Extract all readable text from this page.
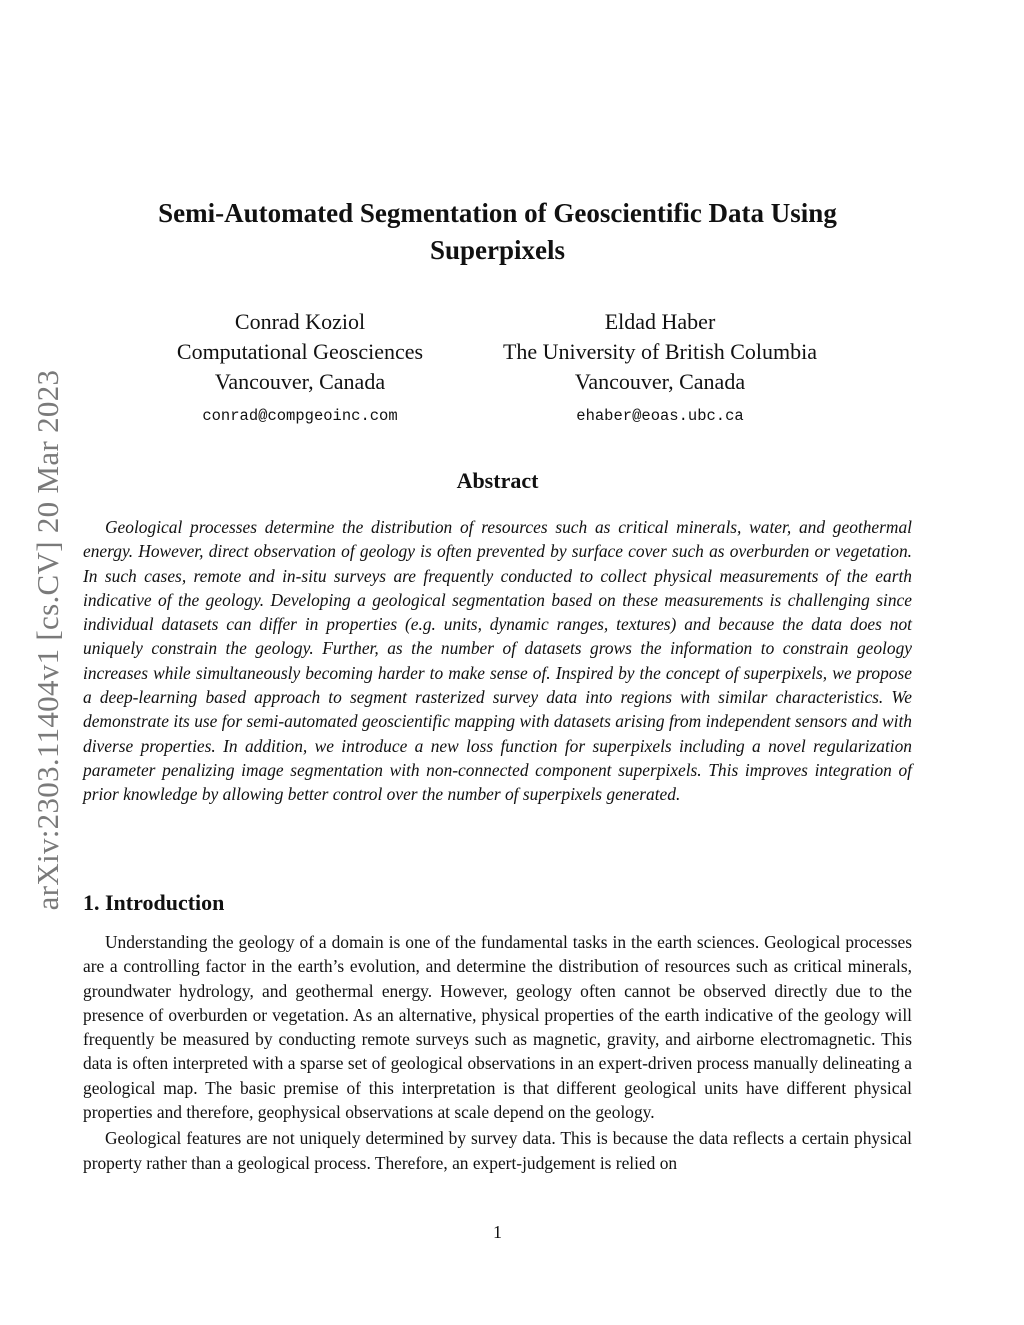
arXiv:2303.11404v1 [cs.CV] 20 Mar 2023
Semi-Automated Segmentation of Geoscientific Data Using Superpixels
Conrad Koziol
Computational Geosciences
Vancouver, Canada
conrad@compgeoinc.com
Eldad Haber
The University of British Columbia
Vancouver, Canada
ehaber@eoas.ubc.ca
Abstract

Geological processes determine the distribution of resources such as critical minerals, water, and geothermal energy. However, direct observation of geology is often prevented by surface cover such as overburden or vegetation. In such cases, remote and in-situ surveys are frequently conducted to collect physical measurements of the earth indicative of the geology. Developing a geological segmentation based on these measurements is challenging since individual datasets can differ in properties (e.g. units, dynamic ranges, textures) and because the data does not uniquely constrain the geology. Further, as the number of datasets grows the information to constrain geology increases while simultaneously becoming harder to make sense of. Inspired by the concept of superpixels, we propose a deep-learning based approach to segment rasterized survey data into regions with similar characteristics. We demonstrate its use for semi-automated geoscientific mapping with datasets arising from independent sensors and with diverse properties. In addition, we introduce a new loss function for superpixels including a novel regularization parameter penalizing image segmentation with non-connected component superpixels. This improves integration of prior knowledge by allowing better control over the number of superpixels generated.

1. Introduction

Understanding the geology of a domain is one of the fundamental tasks in the earth sciences. Geological processes are a controlling factor in the earth’s evolution, and determine the distribution of resources such as critical minerals, groundwater hydrology, and geothermal energy. However, geology often cannot be observed directly due to the presence of overburden or vegetation. As an alternative, physical properties of the earth indicative of the geology will frequently be measured by conducting remote surveys such as magnetic, gravity, and airborne electromagnetic. This data is often interpreted with a sparse set of geological observations in an expert-driven process manually delineating a geological map. The basic premise of this interpretation is that different geological units have different physical properties and therefore, geophysical observations at scale depend on the geology.

Geological features are not uniquely determined by survey data. This is because the data reflects a certain physical property rather than a geological process. Therefore, an expert-judgement is relied on

1
